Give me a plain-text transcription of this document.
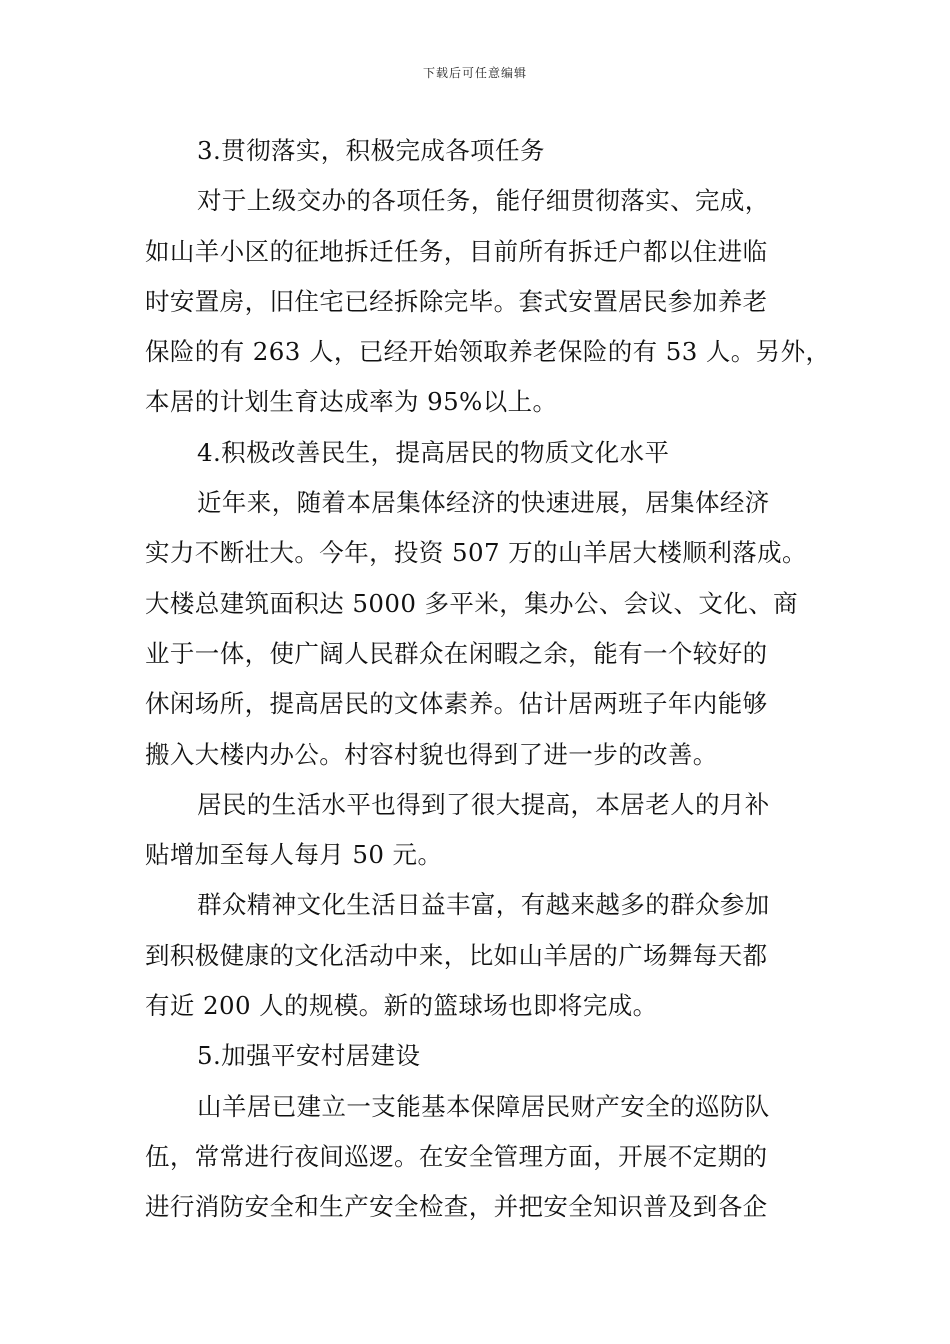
下载后可任意编辑
3.贯彻落实，积极完成各项任务
对于上级交办的各项任务，能仔细贯彻落实、完成，
如山羊小区的征地拆迁任务，目前所有拆迁户都以住进临
时安置房，旧住宅已经拆除完毕。套式安置居民参加养老
保险的有 263 人，已经开始领取养老保险的有 53 人。另外，
本居的计划生育达成率为 95%以上。
4.积极改善民生，提高居民的物质文化水平
近年来，随着本居集体经济的快速进展，居集体经济
实力不断壮大。今年，投资 507 万的山羊居大楼顺利落成。
大楼总建筑面积达 5000 多平米，集办公、会议、文化、商
业于一体，使广阔人民群众在闲暇之余，能有一个较好的
休闲场所，提高居民的文体素养。估计居两班子年内能够
搬入大楼内办公。村容村貌也得到了进一步的改善。
居民的生活水平也得到了很大提高，本居老人的月补
贴增加至每人每月 50 元。
群众精神文化生活日益丰富，有越来越多的群众参加
到积极健康的文化活动中来，比如山羊居的广场舞每天都
有近 200 人的规模。新的篮球场也即将完成。
5.加强平安村居建设
山羊居已建立一支能基本保障居民财产安全的巡防队
伍，常常进行夜间巡逻。在安全管理方面，开展不定期的
进行消防安全和生产安全检查，并把安全知识普及到各企
